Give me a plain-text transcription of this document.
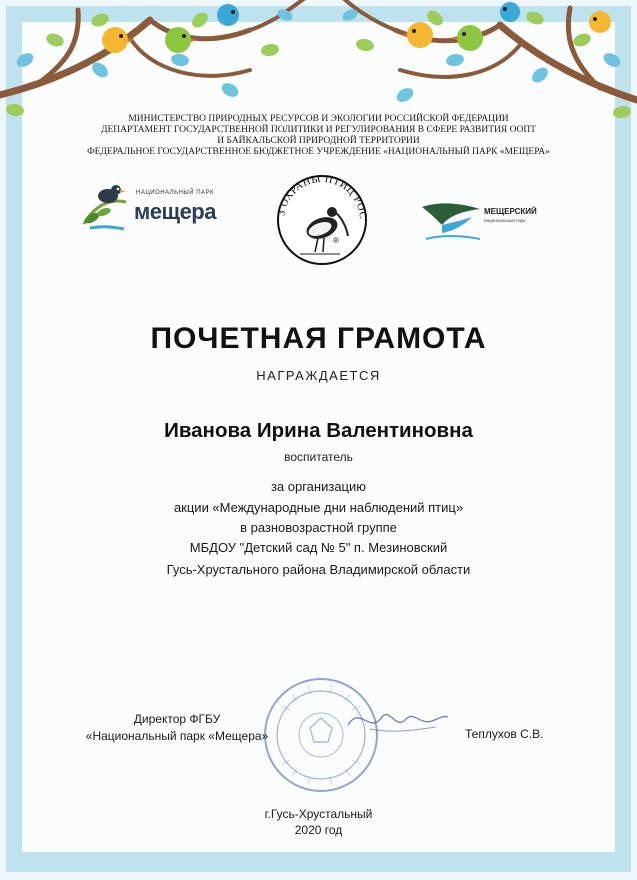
МИНИСТЕРСТВО ПРИРОДНЫХ РЕСУРСОВ И ЭКОЛОГИИ РОССИЙСКОЙ ФЕДЕРАЦИИ
ДЕПАРТАМЕНТ ГОСУДАРСТВЕННОЙ ПОЛИТИКИ И РЕГУЛИРОВАНИЯ В СФЕРЕ РАЗВИТИЯ ООПТ
И БАЙКАЛЬСКОЙ ПРИРОДНОЙ ТЕРРИТОРИИ
ФЕДЕРАЛЬНОЕ ГОСУДАРСТВЕННОЕ БЮДЖЕТНОЕ УЧРЕЖДЕНИЕ «НАЦИОНАЛЬНЫЙ ПАРК «МЕЩЕРА»
НАЦИОНАЛЬНЫЙ ПАРК
мещера	З ОХРАНЫ ПТИЦ РОС
®
МЕЩЕРСКИЙ
национальный парк
ПОЧЕТНАЯ ГРАМОТА
НАГРАЖДАЕТСЯ
Иванова Ирина Валентиновна
воспитатель
за организацию
акции «Международные дни наблюдений птиц»
в разновозрастной группе
МБДОУ "Детский сад № 5" п. Мезиновский
Гусь-Хрустального района Владимирской области
Директор ФГБУ
«Национальный парк «Мещера»	Теплухов С.В.
г.Гусь-Хрустальный
2020 год
